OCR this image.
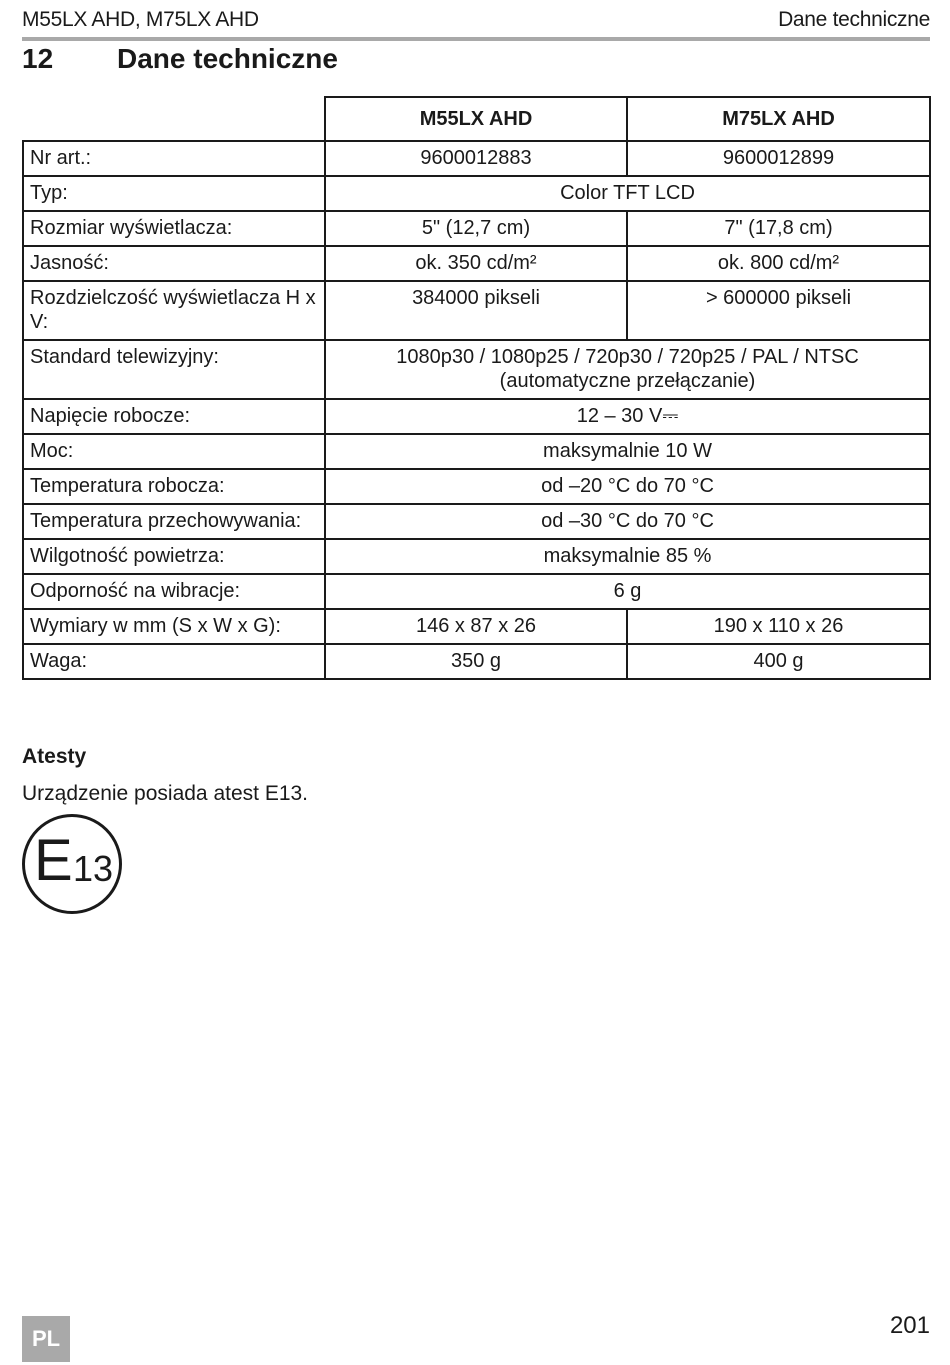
M55LX AHD, M75LX AHD	Dane techniczne
12 Dane techniczne
	M55LX AHD	M75LX AHD
Nr art.:	9600012883	9600012899
Typ:	Color TFT LCD	
Rozmiar wyświetlacza:	5" (12,7 cm)	7" (17,8 cm)
Jasność:	ok. 350 cd/m²	ok. 800 cd/m²
Rozdzielczość wyświetlacza H x V:	384000 pikseli	> 600000 pikseli
Standard telewizyjny:	1080p30 / 1080p25 / 720p30 / 720p25 / PAL / NTSC (automatyczne przełączanie)	
Napięcie robocze:	12 – 30 V⎓	
Moc:	maksymalnie 10 W	
Temperatura robocza:	od –20 °C do 70 °C	
Temperatura przechowywania:	od –30 °C do 70 °C	
Wilgotność powietrza:	maksymalnie 85 %	
Odporność na wibracje:	6 g	
Wymiary w mm (S x W x G):	146 x 87 x 26	190 x 110 x 26
Waga:	350 g	400 g
Atesty
Urządzenie posiada atest E13.
E 13
PL	201
